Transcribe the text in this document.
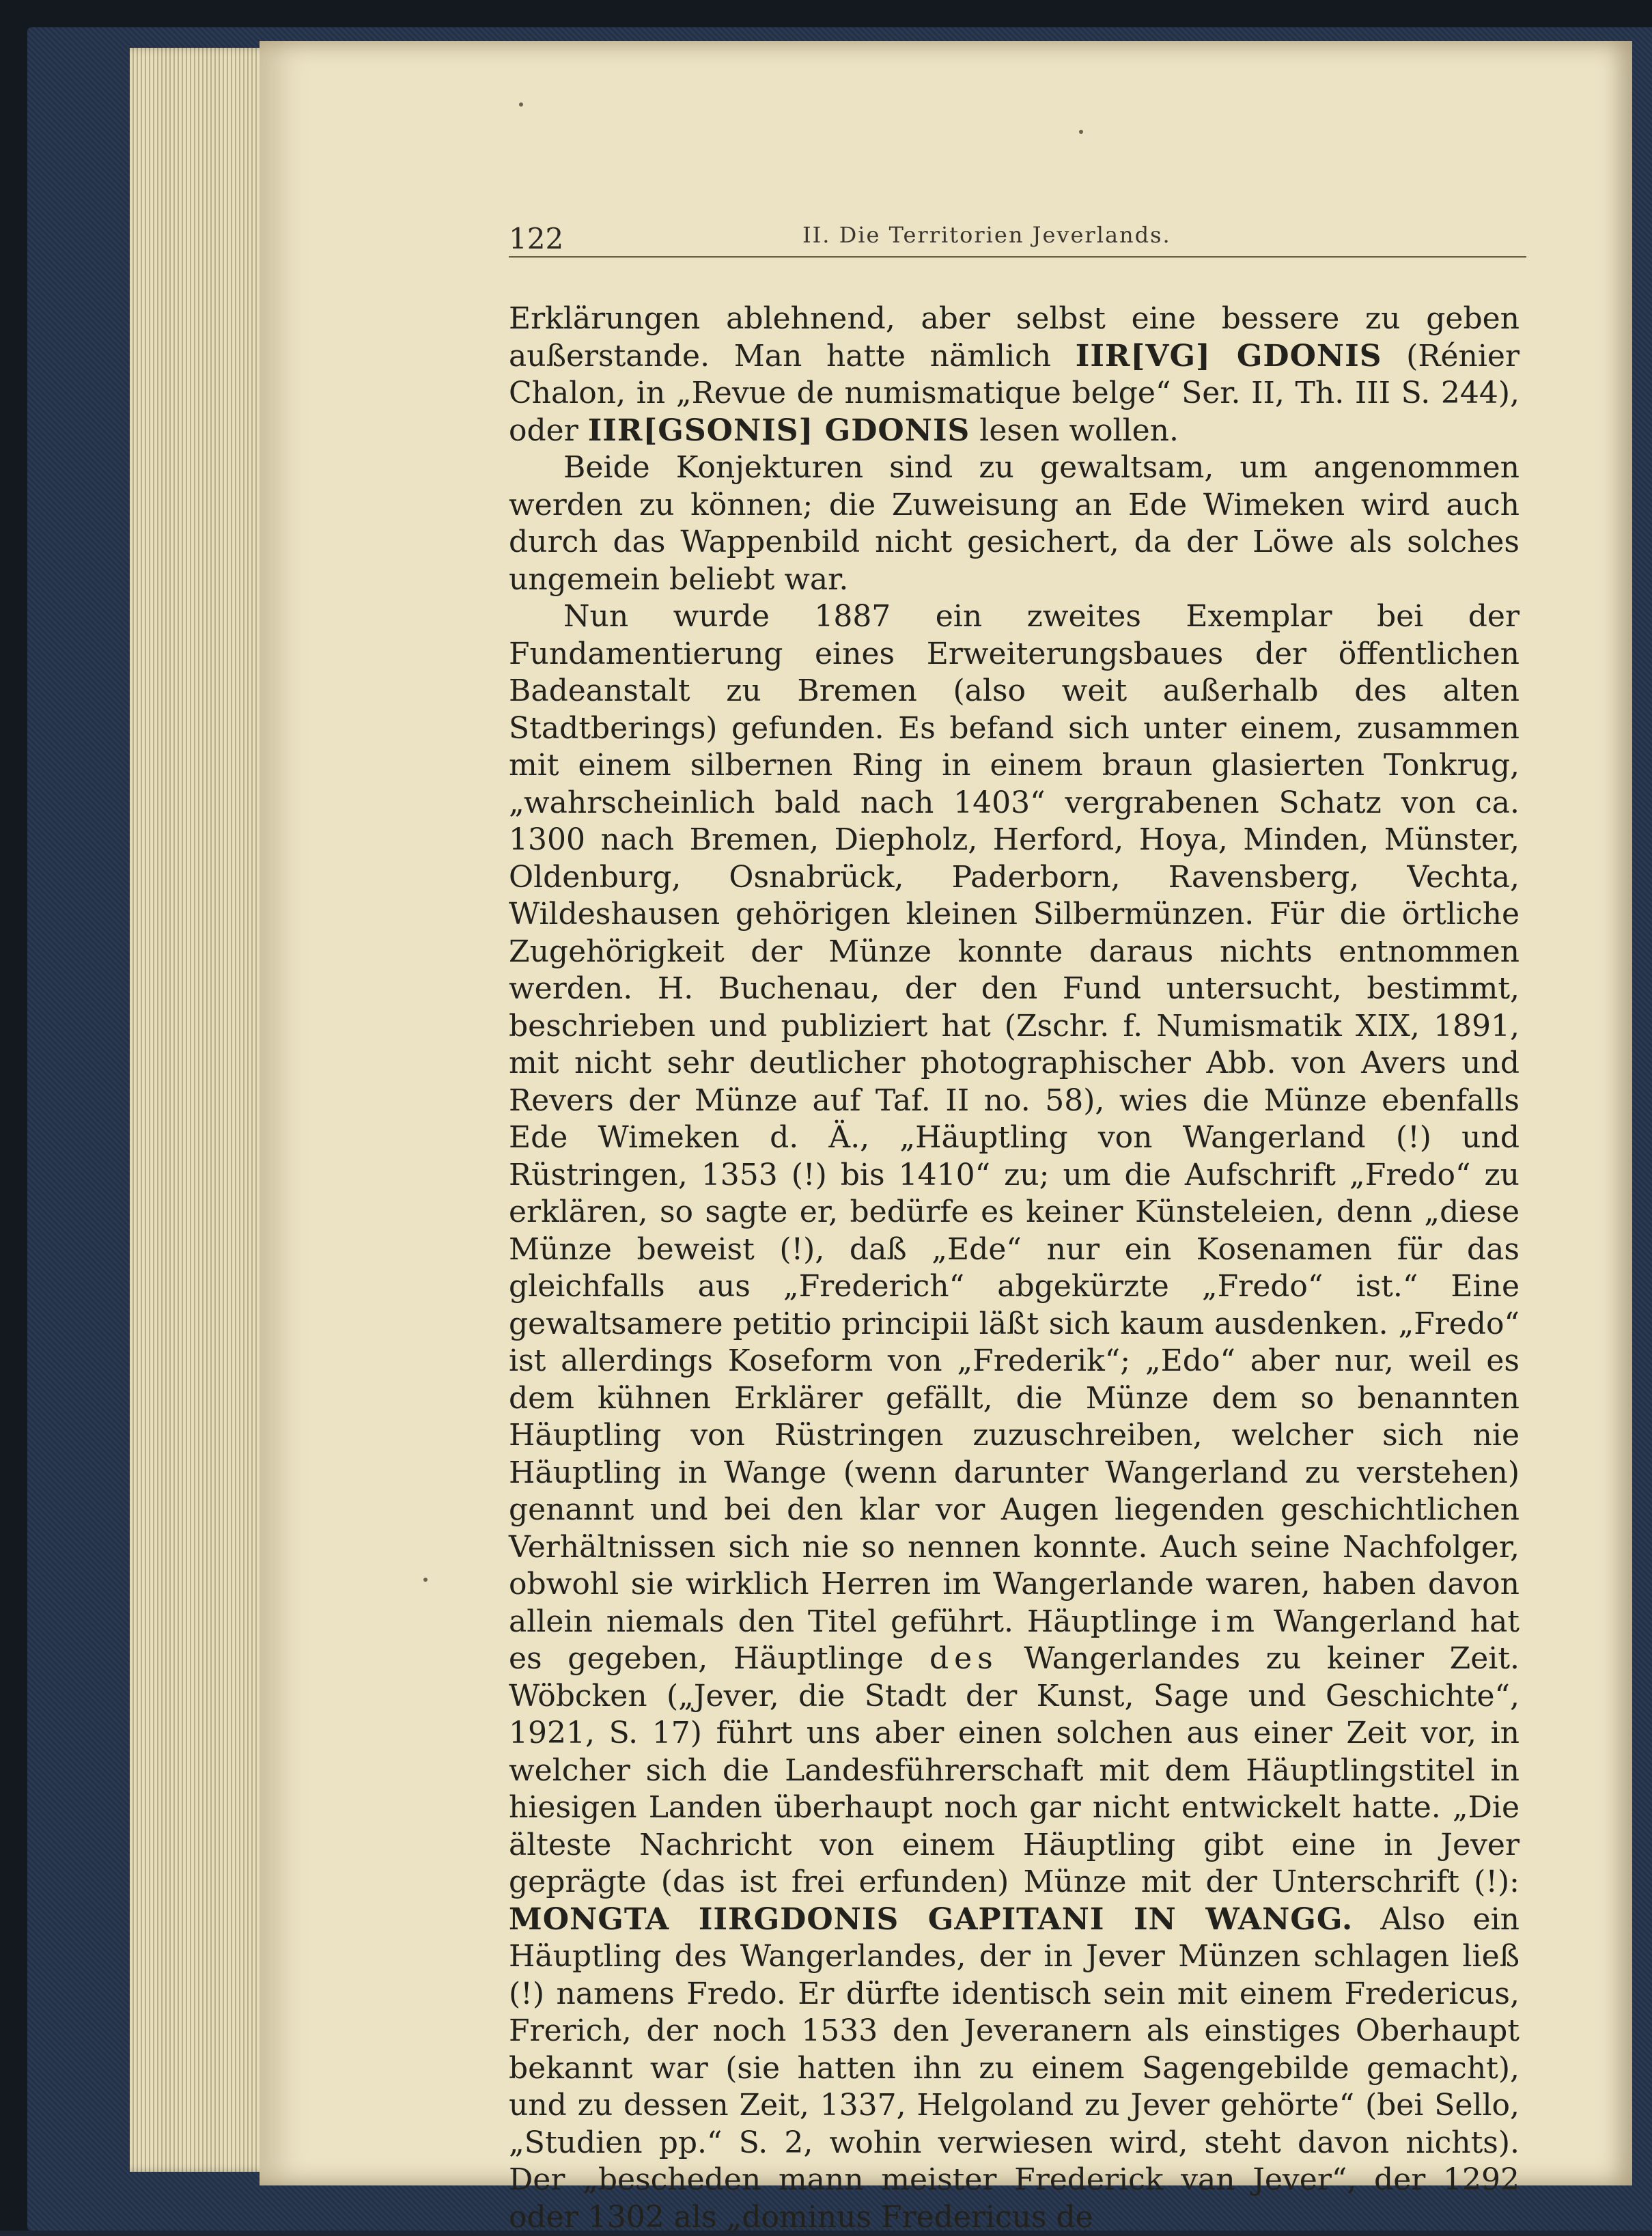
122	II. Die Territorien Jeverlands.

Erklärungen ablehnend, aber selbst eine bessere zu geben außerstande. Man hatte nämlich IIR[VG] GDONIS (Rénier Chalon, in „Revue de numismatique belge“ Ser. II, Th. III S. 244), oder IIR[GSONIS] GDONIS lesen wollen.

Beide Konjekturen sind zu gewaltsam, um angenommen werden zu können; die Zuweisung an Ede Wimeken wird auch durch das Wappenbild nicht gesichert, da der Löwe als solches ungemein beliebt war.

Nun wurde 1887 ein zweites Exemplar bei der Fundamentierung eines Erweiterungsbaues der öffentlichen Badeanstalt zu Bremen (also weit außerhalb des alten Stadtberings) gefunden. Es befand sich unter einem, zusammen mit einem silbernen Ring in einem braun glasierten Tonkrug, „wahrscheinlich bald nach 1403“ vergrabenen Schatz von ca. 1300 nach Bremen, Diepholz, Herford, Hoya, Minden, Münster, Oldenburg, Osnabrück, Paderborn, Ravensberg, Vechta, Wildeshausen gehörigen kleinen Silbermünzen. Für die örtliche Zugehörigkeit der Münze konnte daraus nichts entnommen werden. H. Buchenau, der den Fund untersucht, bestimmt, beschrieben und publiziert hat (Zschr. f. Numismatik XIX, 1891, mit nicht sehr deutlicher photographischer Abb. von Avers und Revers der Münze auf Taf. II no. 58), wies die Münze ebenfalls Ede Wimeken d. Ä., „Häuptling von Wangerland (!) und Rüstringen, 1353 (!) bis 1410“ zu; um die Aufschrift „Fredo“ zu erklären, so sagte er, bedürfe es keiner Künsteleien, denn „diese Münze beweist (!), daß „Ede“ nur ein Kosenamen für das gleichfalls aus „Frederich“ abgekürzte „Fredo“ ist.“ Eine gewaltsamere petitio principii läßt sich kaum ausdenken. „Fredo“ ist allerdings Koseform von „Frederik“; „Edo“ aber nur, weil es dem kühnen Erklärer gefällt, die Münze dem so benannten Häuptling von Rüstringen zuzuschreiben, welcher sich nie Häuptling in Wange (wenn darunter Wangerland zu verstehen) genannt und bei den klar vor Augen liegenden geschichtlichen Verhältnissen sich nie so nennen konnte. Auch seine Nachfolger, obwohl sie wirklich Herren im Wangerlande waren, haben davon allein niemals den Titel geführt. Häuptlinge im Wangerland hat es gegeben, Häuptlinge des Wangerlandes zu keiner Zeit. Wöbcken („Jever, die Stadt der Kunst, Sage und Geschichte“, 1921, S. 17) führt uns aber einen solchen aus einer Zeit vor, in welcher sich die Landesführerschaft mit dem Häuptlingstitel in hiesigen Landen überhaupt noch gar nicht entwickelt hatte. „Die älteste Nachricht von einem Häuptling gibt eine in Jever geprägte (das ist frei erfunden) Münze mit der Unterschrift (!): MONGTA IIRGDONIS GAPITANI IN WANGG. Also ein Häuptling des Wangerlandes, der in Jever Münzen schlagen ließ (!) namens Fredo. Er dürfte identisch sein mit einem Fredericus, Frerich, der noch 1533 den Jeveranern als einstiges Oberhaupt bekannt war (sie hatten ihn zu einem Sagengebilde gemacht), und zu dessen Zeit, 1337, Helgoland zu Jever gehörte“ (bei Sello, „Studien pp.“ S. 2, wohin verwiesen wird, steht davon nichts). Der „bescheden mann meister Frederick van Jever“, der 1292 oder 1302 als „dominus Fredericus de
